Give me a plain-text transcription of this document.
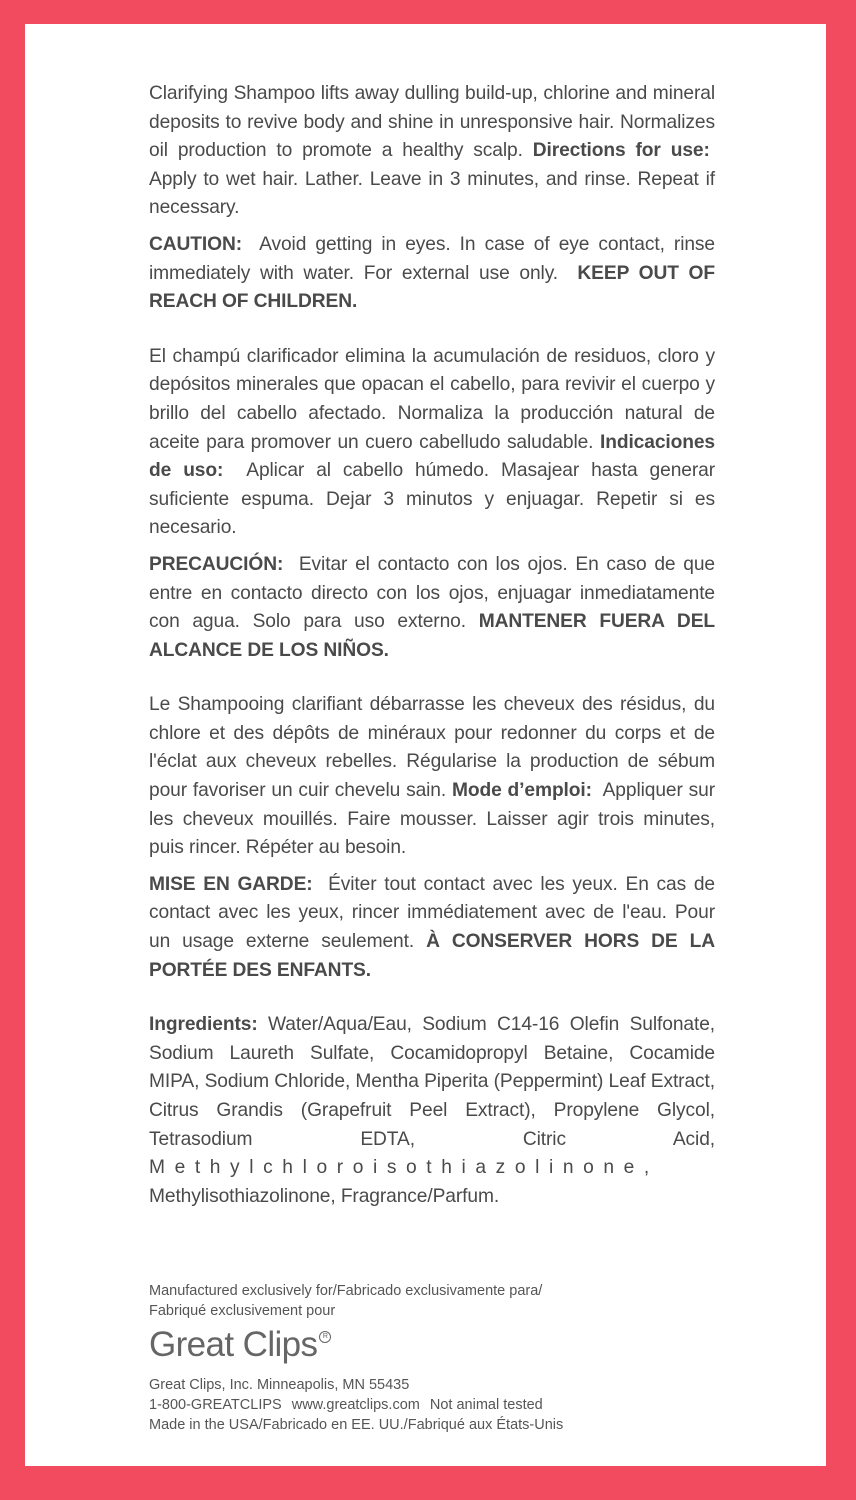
Clarifying Shampoo lifts away dulling build-up, chlorine and mineral deposits to revive body and shine in unresponsive hair. Normalizes oil production to promote a healthy scalp. Directions for use:  Apply to wet hair. Lather. Leave in 3 minutes, and rinse. Repeat if necessary.

CAUTION: Avoid getting in eyes. In case of eye contact, rinse immediately with water. For external use only. KEEP OUT OF REACH OF CHILDREN.

El champú clarificador elimina la acumulación de residuos, cloro y depósitos minerales que opacan el cabello, para revivir el cuerpo y brillo del cabello afectado. Normaliza la producción natural de aceite para promover un cuero cabelludo saludable. Indicaciones de uso: Aplicar al cabello húmedo. Masajear hasta generar suficiente espuma. Dejar 3 minutos y enjuagar. Repetir si es necesario.

PRECAUCIÓN: Evitar el contacto con los ojos. En caso de que entre en contacto directo con los ojos, enjuagar inmediatamente con agua. Solo para uso externo. MANTENER FUERA DEL ALCANCE DE LOS NIÑOS.

Le Shampooing clarifiant débarrasse les cheveux des résidus, du chlore et des dépôts de minéraux pour redonner du corps et de l'éclat aux cheveux rebelles. Régularise la production de sébum pour favoriser un cuir chevelu sain. Mode d’emploi: Appliquer sur les cheveux mouillés. Faire mousser. Laisser agir trois minutes, puis rincer. Répéter au besoin.

MISE EN GARDE: Éviter tout contact avec les yeux. En cas de contact avec les yeux, rincer immédiatement avec de l'eau. Pour un usage externe seulement. À CONSERVER HORS DE LA PORTÉE DES ENFANTS.

Ingredients: Water/Aqua/Eau, Sodium C14-16 Olefin Sulfonate, Sodium Laureth Sulfate, Cocamidopropyl Betaine, Cocamide MIPA, Sodium Chloride, Mentha Piperita (Peppermint) Leaf Extract, Citrus Grandis (Grapefruit Peel Extract), Propylene Glycol, Tetrasodium EDTA, Citric Acid, Methylchloroisothiazolinone, Methylisothiazolinone, Fragrance/Parfum.

Manufactured exclusively for/Fabricado exclusivamente para/
Fabriqué exclusivement pour
Great Clips R
Great Clips, Inc. Minneapolis, MN 55435
1-800-GREATCLIPS www.greatclips.com Not animal tested
Made in the USA/Fabricado en EE. UU./Fabriqué aux États-Unis
